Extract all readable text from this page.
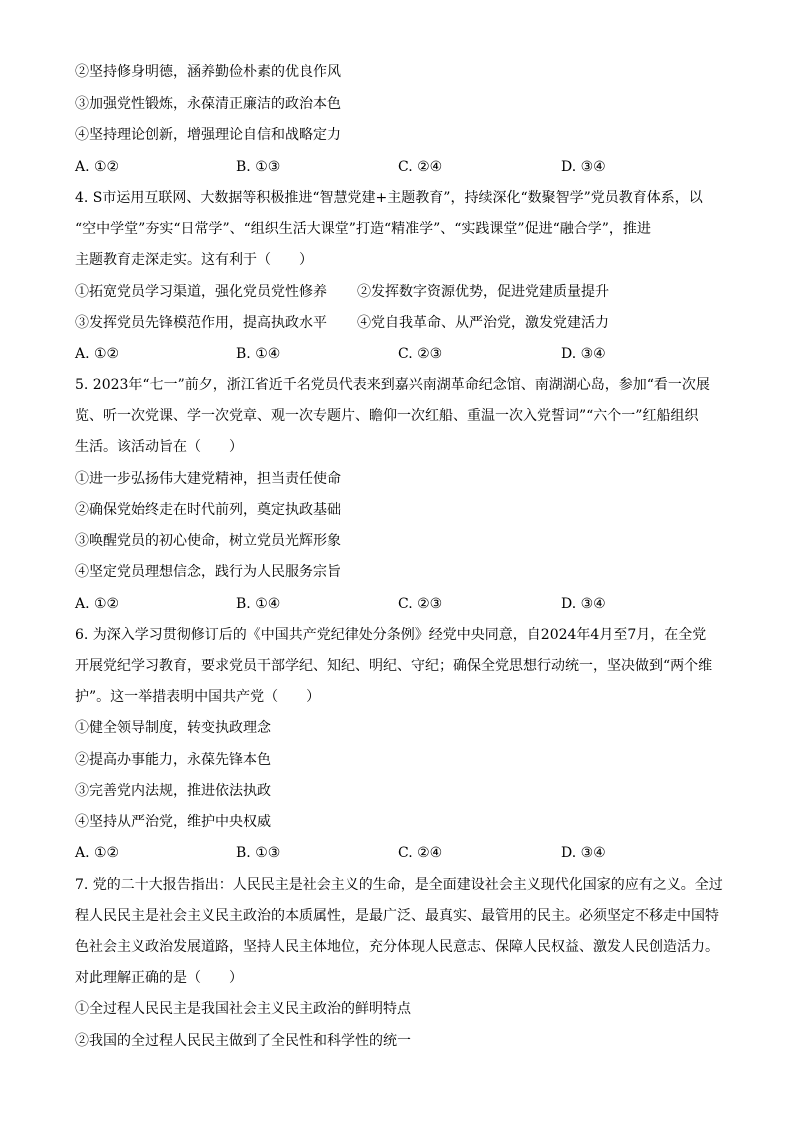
②坚持修身明德，涵养勤俭朴素的优良作风
③加强党性锻炼，永葆清正廉洁的政治本色
④坚持理论创新，增强理论自信和战略定力
A. ①②	B. ①③	C. ②④	D. ③④
4. S市运用互联网、大数据等积极推进“智慧党建+主题教育”，持续深化“数聚智学”党员教育体系，以
“空中学堂”夯实“日常学”、“组织生活大课堂”打造“精准学”、“实践课堂”促进“融合学”，推进
主题教育走深走实。这有利于（　　）
①拓宽党员学习渠道，强化党员党性修养 ②发挥数字资源优势，促进党建质量提升
③发挥党员先锋模范作用，提高执政水平 ④党自我革命、从严治党，激发党建活力
A. ①②	B. ①④	C. ②③	D. ③④
5. 2023年“七一”前夕，浙江省近千名党员代表来到嘉兴南湖革命纪念馆、南湖湖心岛，参加“看一次展
览、听一次党课、学一次党章、观一次专题片、瞻仰一次红船、重温一次入党誓词”“六个一”红船组织
生活。该活动旨在（　　）
①进一步弘扬伟大建党精神，担当责任使命
②确保党始终走在时代前列，奠定执政基础
③唤醒党员的初心使命，树立党员光辉形象
④坚定党员理想信念，践行为人民服务宗旨
A. ①②	B. ①④	C. ②③	D. ③④
6. 为深入学习贯彻修订后的《中国共产党纪律处分条例》经党中央同意，自2024年4月至7月，在全党
开展党纪学习教育，要求党员干部学纪、知纪、明纪、守纪；确保全党思想行动统一，坚决做到“两个维
护”。这一举措表明中国共产党（　　）
①健全领导制度，转变执政理念
②提高办事能力，永葆先锋本色
③完善党内法规，推进依法执政
④坚持从严治党，维护中央权威
A. ①②	B. ①③	C. ②④	D. ③④
7. 党的二十大报告指出：人民民主是社会主义的生命，是全面建设社会主义现代化国家的应有之义。全过
程人民民主是社会主义民主政治的本质属性，是最广泛、最真实、最管用的民主。必须坚定不移走中国特
色社会主义政治发展道路，坚持人民主体地位，充分体现人民意志、保障人民权益、激发人民创造活力。
对此理解正确的是（　　）
①全过程人民民主是我国社会主义民主政治的鲜明特点
②我国的全过程人民民主做到了全民性和科学性的统一
